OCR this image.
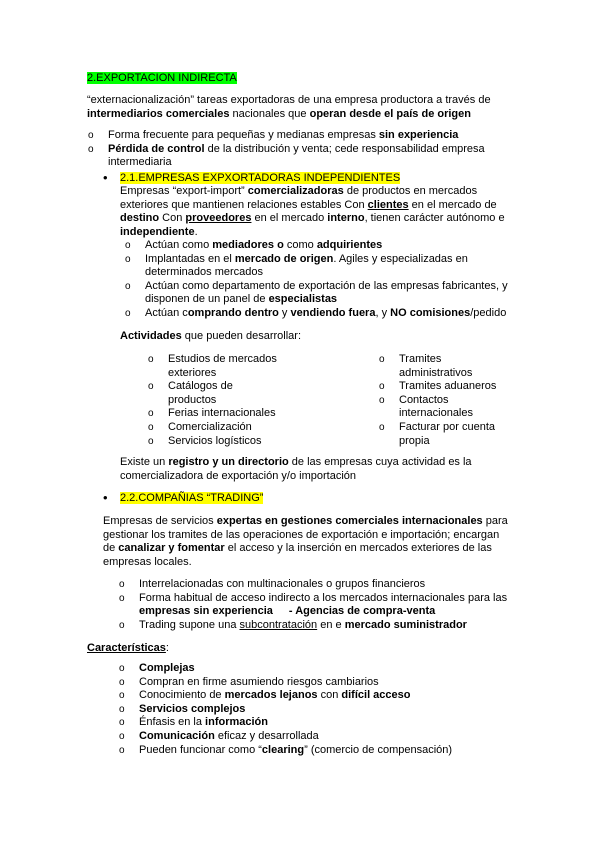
2.EXPORTACION INDIRECTA
“externacionalización” tareas exportadoras de una empresa productora a través de
intermediarios comerciales nacionales que operan desde el país de origen
o Forma frecuente para pequeñas y medianas empresas sin experiencia
o Pérdida de control de la distribución y venta; cede responsabilidad empresa
intermediaria
• 2.1.EMPRESAS EXPXORTADORAS INDEPENDIENTES
Empresas “export-import” comercializadoras de productos en mercados
exteriores que mantienen relaciones estables Con clientes en el mercado de
destino Con proveedores en el mercado interno, tienen carácter autónomo e
independiente.
o Actúan como mediadores o como adquirientes
o Implantadas en el mercado de origen. Agiles y especializadas en
determinados mercados
o Actúan como departamento de exportación de las empresas fabricantes, y
disponen de un panel de especialistas
o Actúan comprando dentro y vendiendo fuera, y NO comisiones/pedido
Actividades que pueden desarrollar:
o Estudios de mercados
exteriores
o Catálogos de
productos
o Ferias internacionales
o Comercialización
o Servicios logísticos
o Tramites
administrativos
o Tramites aduaneros
o Contactos
internacionales
o Facturar por cuenta
propia
Existe un registro y un directorio de las empresas cuya actividad es la
comercializadora de exportación y/o importación
• 2.2.COMPAÑIAS “TRADING”
Empresas de servicios expertas en gestiones comerciales internacionales para
gestionar los tramites de las operaciones de exportación e importación; encargan
de canalizar y fomentar el acceso y la inserción en mercados exteriores de las
empresas locales.
o Interrelacionadas con multinacionales o grupos financieros
o Forma habitual de acceso indirecto a los mercados internacionales para las
empresas sin experiencia - Agencias de compra-venta
o Trading supone una subcontratación en e mercado suministrador
Características:
o Complejas
o Compran en firme asumiendo riesgos cambiarios
o Conocimiento de mercados lejanos con difícil acceso
o Servicios complejos
o Énfasis en la información
o Comunicación eficaz y desarrollada
o Pueden funcionar como “clearing” (comercio de compensación)
